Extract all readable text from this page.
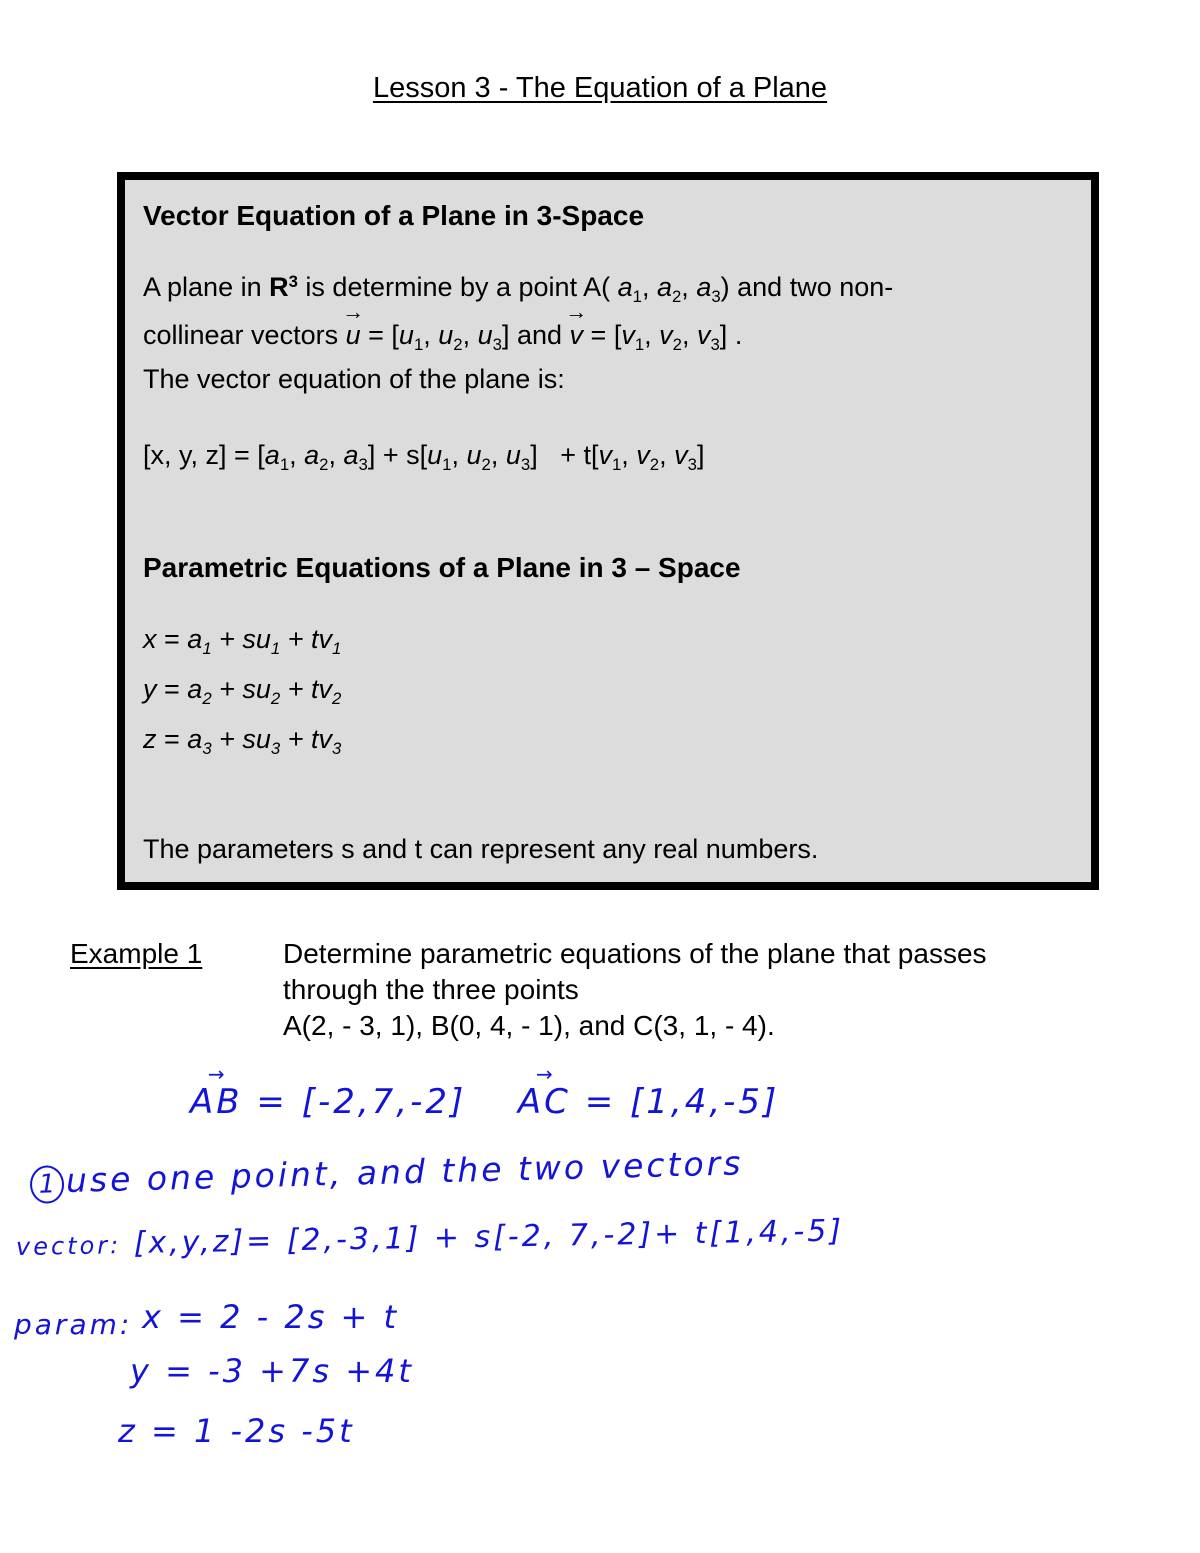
Lesson 3 - The Equation of a Plane
Vector Equation of a Plane in 3-Space
A plane in $R^3$ is determine by a point A( $a_1$, $a_2$, $a_3$) and two non-
collinear vectors → $u = [u_1$, $u_2$, $u_3$] and → $v = [v_1$, $v_2$, $v_3$] .
The vector equation of the plane is:
[x, y, $z] = [a_1$, $a_2$, $a_3] + s[u_1$, $u_2$, $u_3] + t[v_1$, $v_2$, $v_3$]
Parametric Equations of a Plane in 3 – Space
$x = a_1 + su_1 + tv_1$
$y = a_2 + su_2 + tv_2$
$z = a_3 + su_3 + tv_3$
The parameters s and t can represent any real numbers.
Example 1	Determine parametric equations of the plane that passes
through the three points
A(2, - 3, 1), B(0, 4, - 1), and C(3, 1, - 4).
→ AB = [-2,7,-2]  → AC = [1,4,-5]
1 use one point, and the two vectors
vector: [x,y,z]= [2,-3,1] + s[-2, 7,-2]+ t[1,4,-5]
param: x = 2 - 2s + t
y = -3 +7s +4t
z = 1 -2s -5t
